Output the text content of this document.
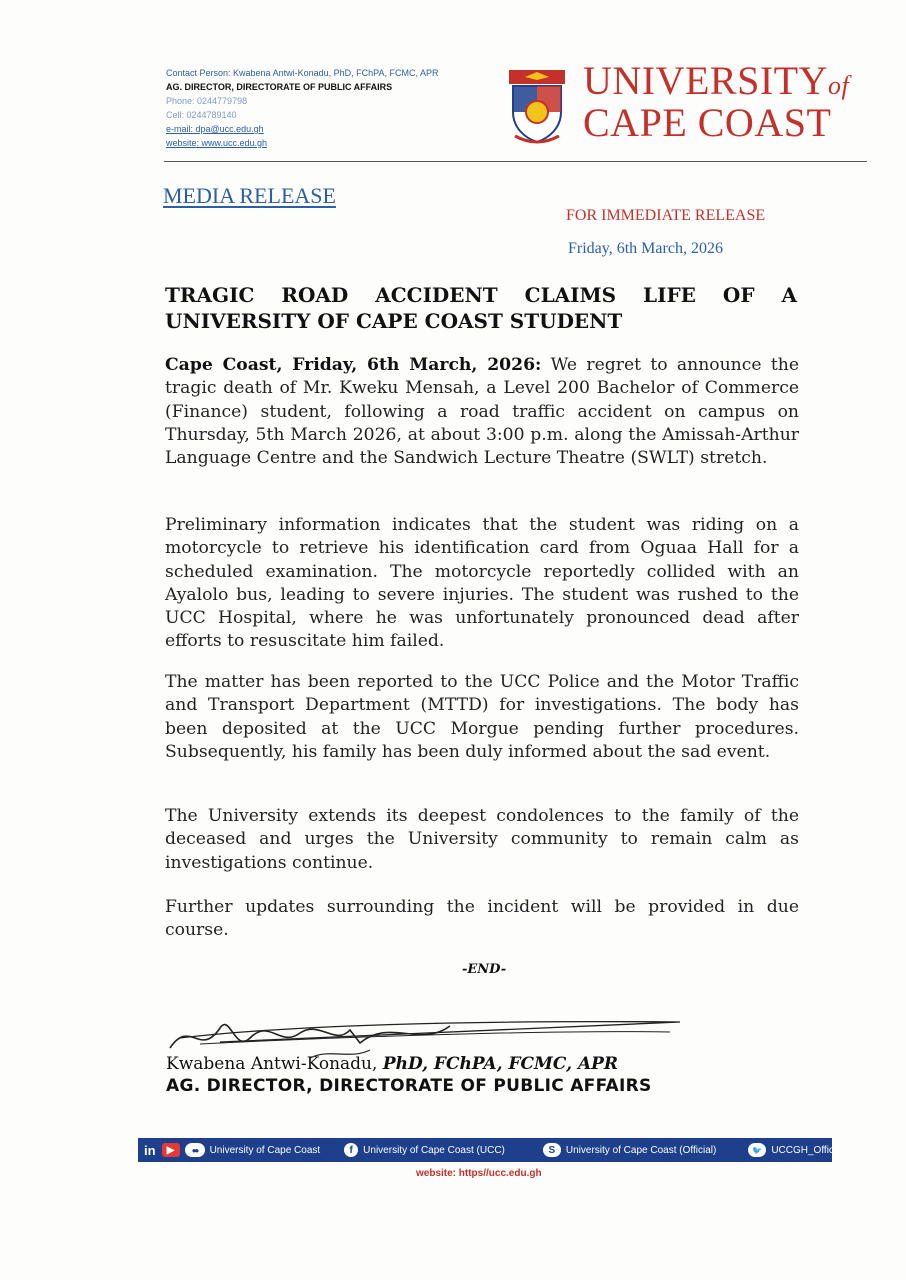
Contact Person: Kwabena Antwi-Konadu, PhD, FChPA, FCMC, APR
AG. DIRECTOR, DIRECTORATE OF PUBLIC AFFAIRS
Phone: 0244779798
Cell: 0244789140
e-mail: dpa@ucc.edu.gh
website: www.ucc.edu.gh
UNIVERSITYof
CAPE COAST
MEDIA RELEASE
FOR IMMEDIATE RELEASE
Friday, 6th March, 2026
TRAGIC ROAD ACCIDENT CLAIMS LIFE OF A UNIVERSITY OF CAPE COAST STUDENT
Cape Coast, Friday, 6th March, 2026: We regret to announce the tragic death of Mr. Kweku Mensah, a Level 200 Bachelor of Commerce (Finance) student, following a road traffic accident on campus on Thursday, 5th March 2026, at about 3:00 p.m. along the Amissah-Arthur Language Centre and the Sandwich Lecture Theatre (SWLT) stretch.
Preliminary information indicates that the student was riding on a motorcycle to retrieve his identification card from Oguaa Hall for a scheduled examination. The motorcycle reportedly collided with an Ayalolo bus, leading to severe injuries. The student was rushed to the UCC Hospital, where he was unfortunately pronounced dead after efforts to resuscitate him failed.
The matter has been reported to the UCC Police and the Motor Traffic and Transport Department (MTTD) for investigations. The body has been deposited at the UCC Morgue pending further procedures. Subsequently, his family has been duly informed about the sad event.
The University extends its deepest condolences to the family of the deceased and urges the University community to remain calm as investigations continue.
Further updates surrounding the incident will be provided in due course.
-END-
Kwabena Antwi-Konadu, PhD, FChPA, FCMC, APR
AG. DIRECTOR, DIRECTORATE OF PUBLIC AFFAIRS
in	▶	●●	University of Cape Coast	f	University of Cape Coast (UCC)	S	University of Cape Coast (Official)	🐦 UCCGH_Official
website: https//ucc.edu.gh
